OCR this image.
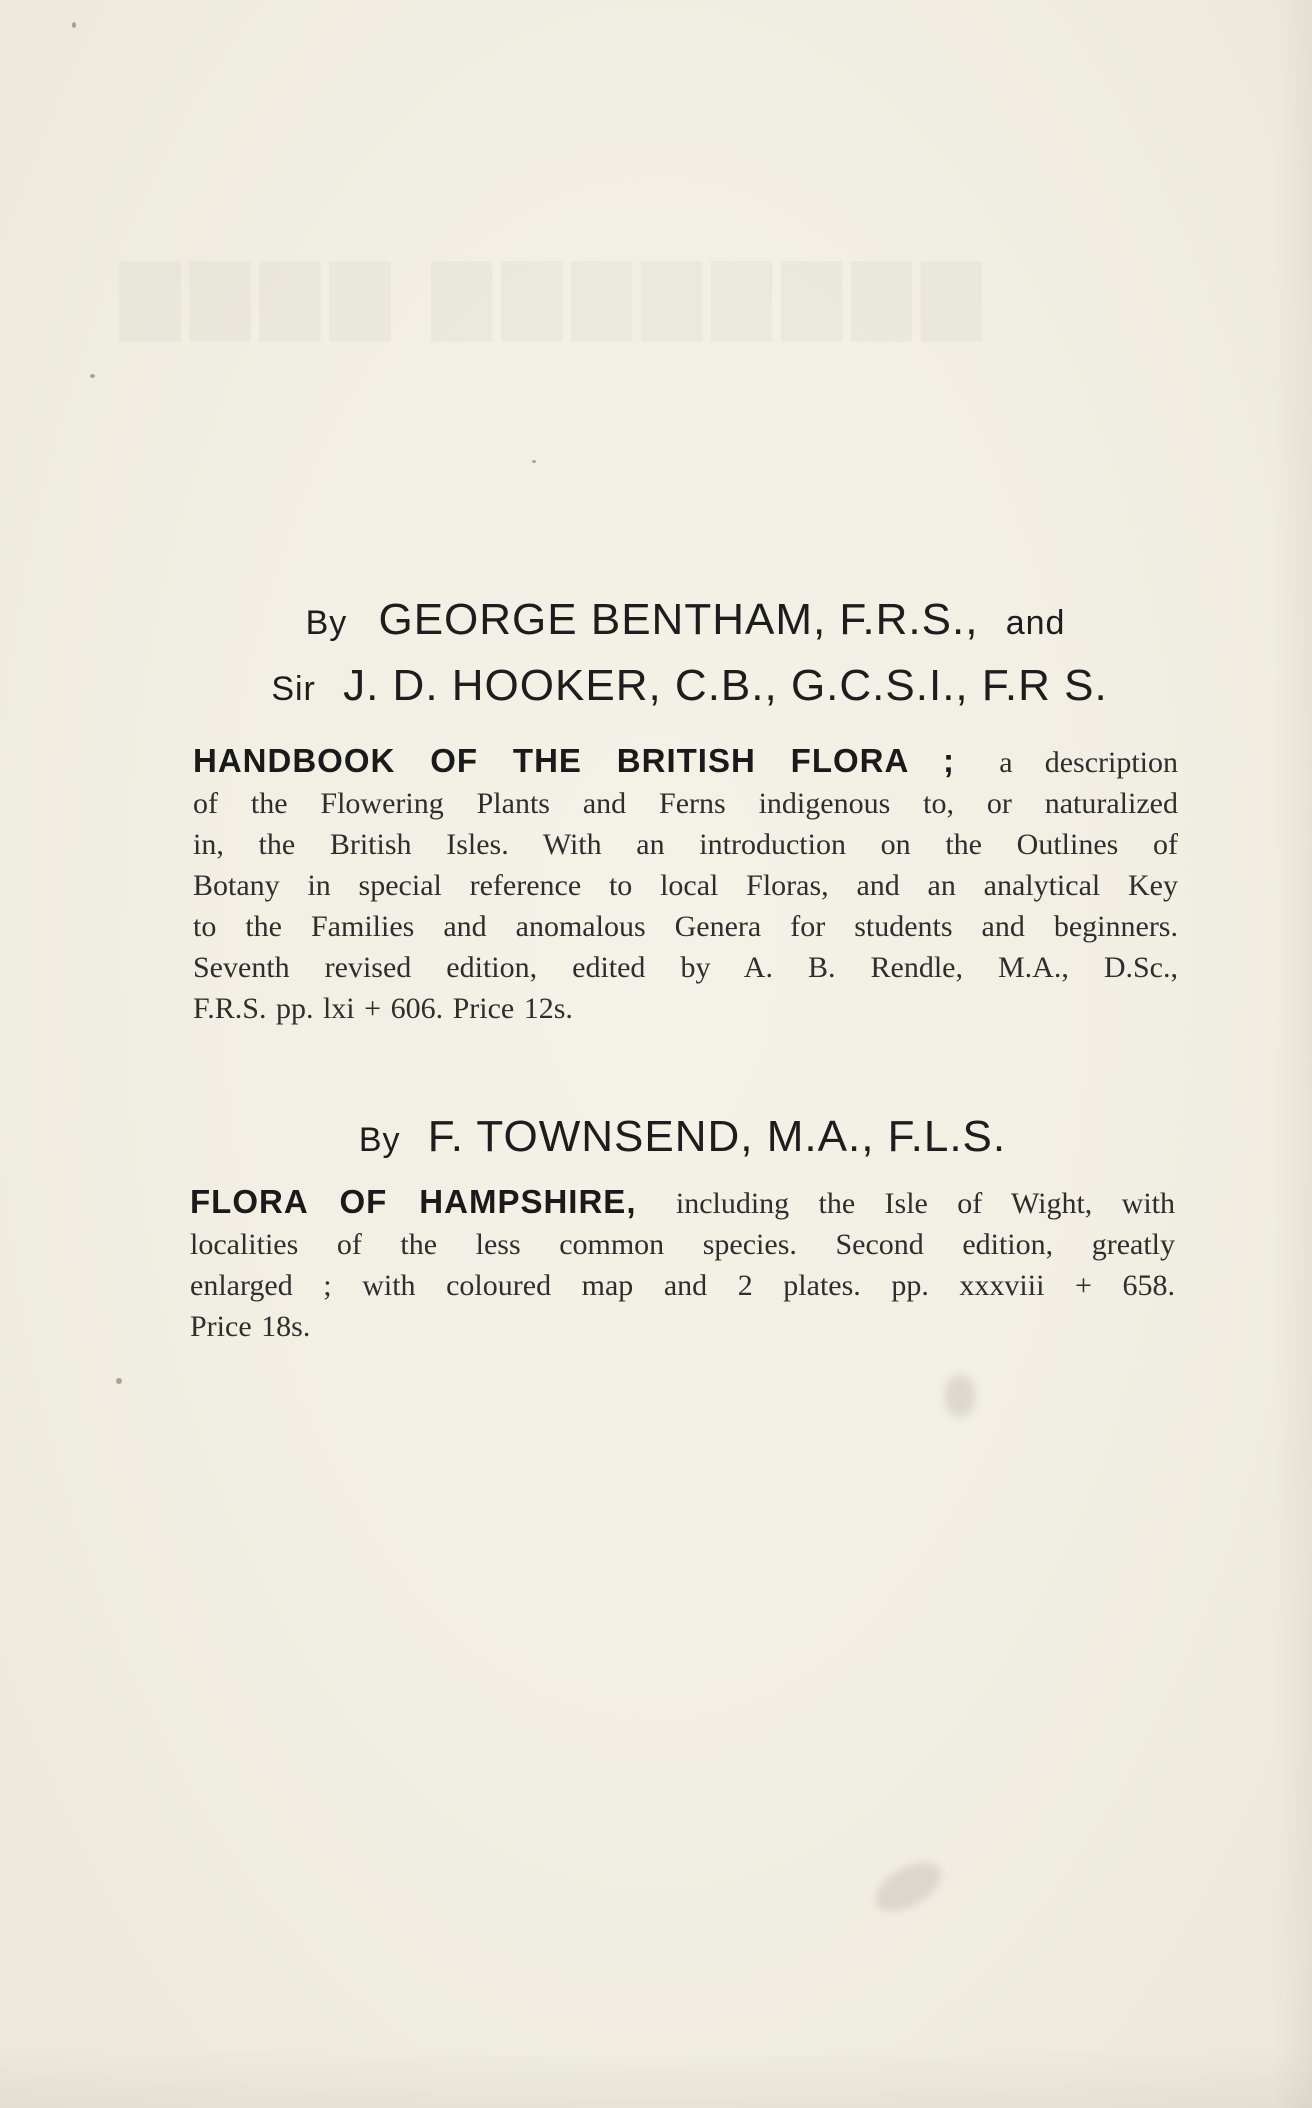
▇▇▇▇ ▇▇▇▇▇▇▇▇
By GEORGE BENTHAM, F.R.S., and
Sir J. D. HOOKER, C.B., G.C.S.I., F.R S.
HANDBOOK OF THE BRITISH FLORA ; a description
of the Flowering Plants and Ferns indigenous to, or naturalized
in, the British Isles. With an introduction on the Outlines of
Botany in special reference to local Floras, and an analytical Key
to the Families and anomalous Genera for students and beginners.
Seventh revised edition, edited by A. B. Rendle, M.A., D.Sc.,
F.R.S. pp. lxi + 606. Price 12s.
By F. TOWNSEND, M.A., F.L.S.
FLORA OF HAMPSHIRE, including the Isle of Wight, with
localities of the less common species. Second edition, greatly
enlarged ; with coloured map and 2 plates. pp. xxxviii + 658.
Price 18s.
